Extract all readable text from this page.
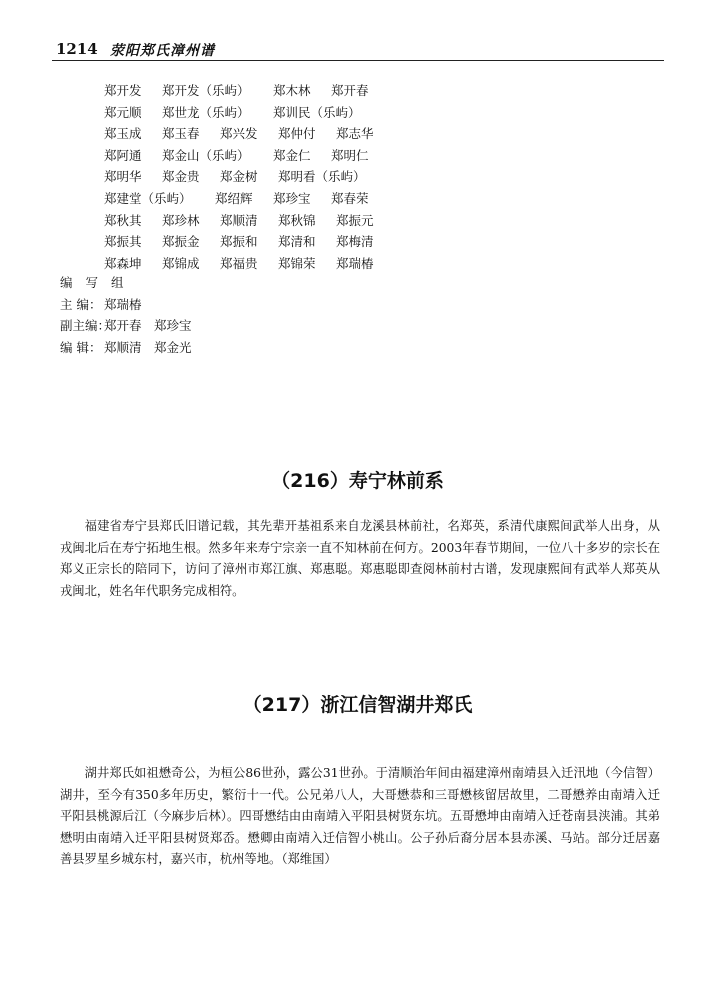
1214 荥阳郑氏漳州谱
郑开发	郑开发（乐屿）	郑木林	郑开春
郑元顺	郑世龙（乐屿）	郑训民（乐屿）
郑玉成	郑玉春	郑兴发	郑仲付	郑志华
郑阿通	郑金山（乐屿）	郑金仁	郑明仁
郑明华	郑金贵	郑金树	郑明看（乐屿）
郑建堂（乐屿）	郑绍辉	郑珍宝	郑春荣
郑秋其	郑珍林	郑顺清	郑秋锦	郑振元
郑振其	郑振金	郑振和	郑清和	郑梅清
郑森坤	郑锦成	郑福贵	郑锦荣	郑瑞椿
编写组
主 编： 郑瑞椿
副主编：郑开春　郑珍宝
编 辑： 郑顺清　郑金光
（216）寿宁林前系

福建省寿宁县郑氏旧谱记载，其先辈开基祖系来自龙溪县林前社，名郑英，系清代康熙间武举人出身，从戎闽北后在寿宁拓地生根。然多年来寿宁宗亲一直不知林前在何方。2003年春节期间，一位八十多岁的宗长在郑义正宗长的陪同下，访问了漳州市郑江旗、郑惠聪。郑惠聪即查阅林前村古谱，发现康熙间有武举人郑英从戎闽北，姓名年代职务完成相符。

（217）浙江信智湖井郑氏

湖井郑氏如祖懋奇公，为桓公86世孙，露公31世孙。于清顺治年间由福建漳州南靖县入迁汛地（今信智）湖井，至今有350多年历史，繁衍十一代。公兄弟八人，大哥懋恭和三哥懋核留居故里，二哥懋养由南靖入迁平阳县桃源后江（今麻步后林）。四哥懋结由由南靖入平阳县树贤东坑。五哥懋坤由南靖入迁苍南县浃浦。其弟懋明由南靖入迁平阳县树贤郑岙。懋卿由南靖入迁信智小桃山。公子孙后裔分居本县赤溪、马站。部分迁居嘉善县罗星乡城东村，嘉兴市，杭州等地。（郑维国）
